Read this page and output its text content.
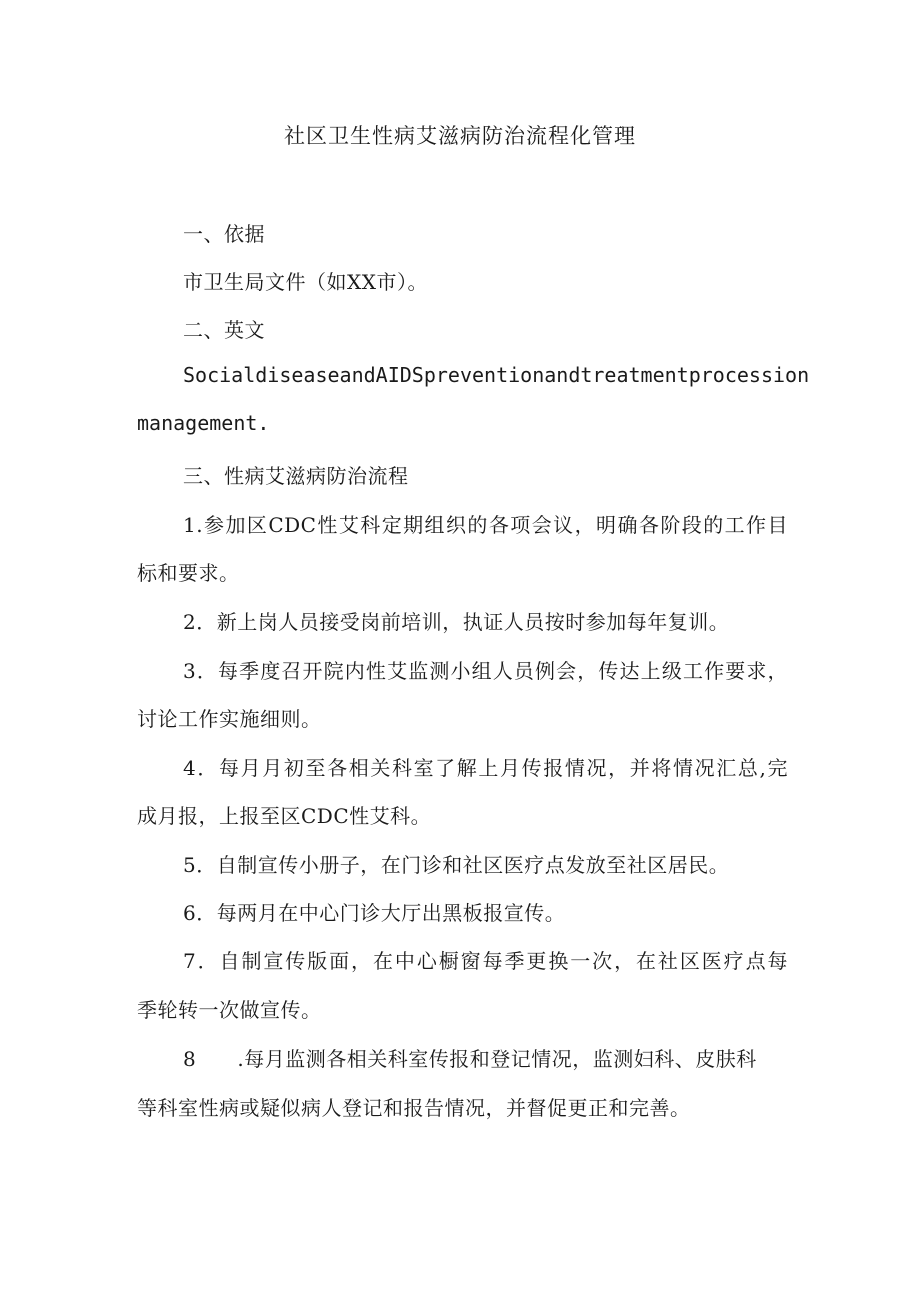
社区卫生性病艾滋病防治流程化管理
一、依据
市卫生局文件（如XX市）。
二、英文
SocialdiseaseandAIDSpreventionandtreatmentprocession
management.
三、性病艾滋病防治流程
1.参加区CDC性艾科定期组织的各项会议，明确各阶段的工作目
标和要求。
2．新上岗人员接受岗前培训，执证人员按时参加每年复训。
3．每季度召开院内性艾监测小组人员例会，传达上级工作要求，
讨论工作实施细则。
4．每月月初至各相关科室了解上月传报情况，并将情况汇总,完
成月报，上报至区CDC性艾科。
5．自制宣传小册子，在门诊和社区医疗点发放至社区居民。
6．每两月在中心门诊大厅出黑板报宣传。
7．自制宣传版面，在中心橱窗每季更换一次，在社区医疗点每
季轮转一次做宣传。
8      .每月监测各相关科室传报和登记情况，监测妇科、皮肤科
等科室性病或疑似病人登记和报告情况，并督促更正和完善。
